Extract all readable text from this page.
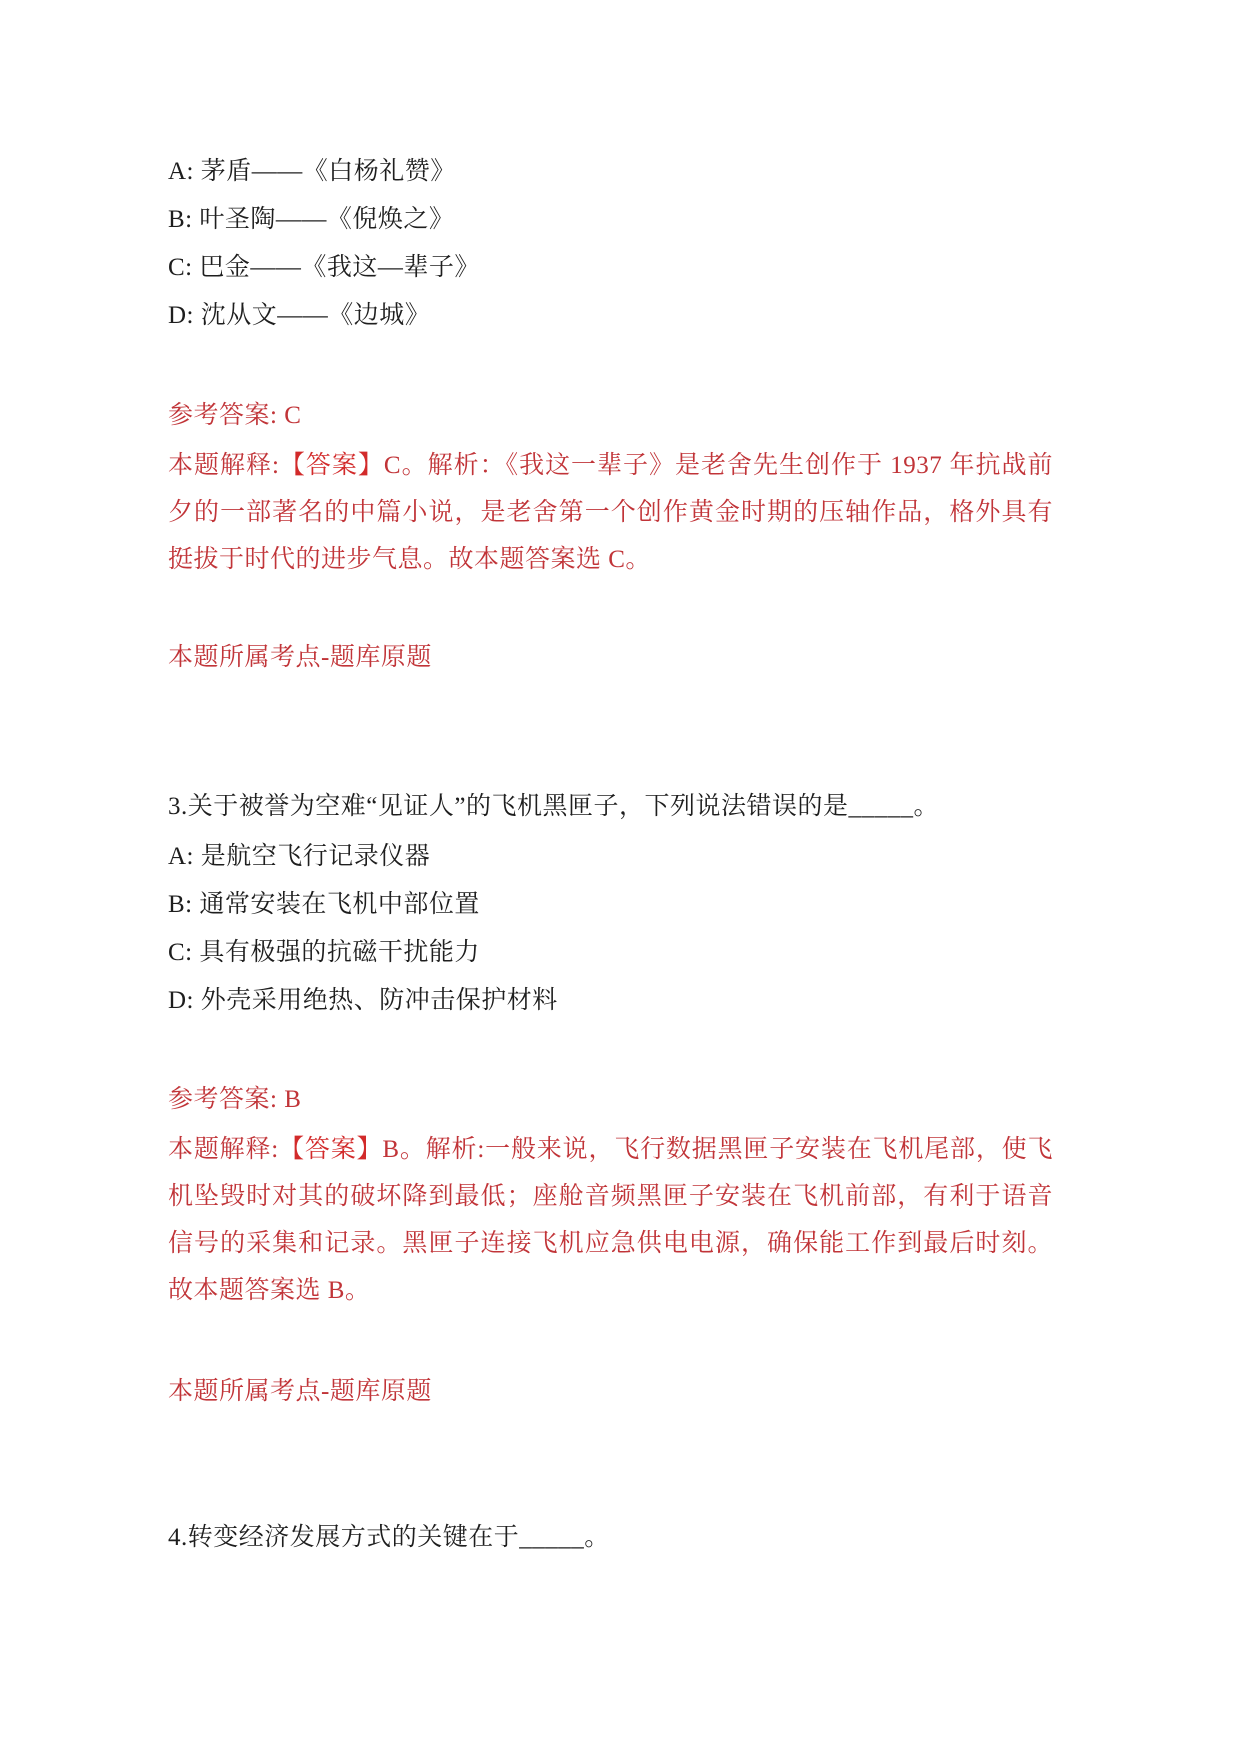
A: 茅盾——《白杨礼赞》
B: 叶圣陶——《倪焕之》
C: 巴金——《我这—辈子》
D: 沈从文——《边城》
参考答案: C
本题解释:【答案】C。解析：《我这一辈子》是老舍先生创作于 1937 年抗战前
夕的一部著名的中篇小说，是老舍第一个创作黄金时期的压轴作品，格外具有
挺拔于时代的进步气息。故本题答案选 C。
本题所属考点-题库原题
3.关于被誉为空难“见证人”的飞机黑匣子，下列说法错误的是_____。
A: 是航空飞行记录仪器
B: 通常安装在飞机中部位置
C: 具有极强的抗磁干扰能力
D: 外壳采用绝热、防冲击保护材料
参考答案: B
本题解释:【答案】B。解析:一般来说，飞行数据黑匣子安装在飞机尾部，使飞
机坠毁时对其的破坏降到最低；座舱音频黑匣子安装在飞机前部，有利于语音
信号的采集和记录。黑匣子连接飞机应急供电电源，确保能工作到最后时刻。
故本题答案选 B。
本题所属考点-题库原题
4.转变经济发展方式的关键在于_____。
